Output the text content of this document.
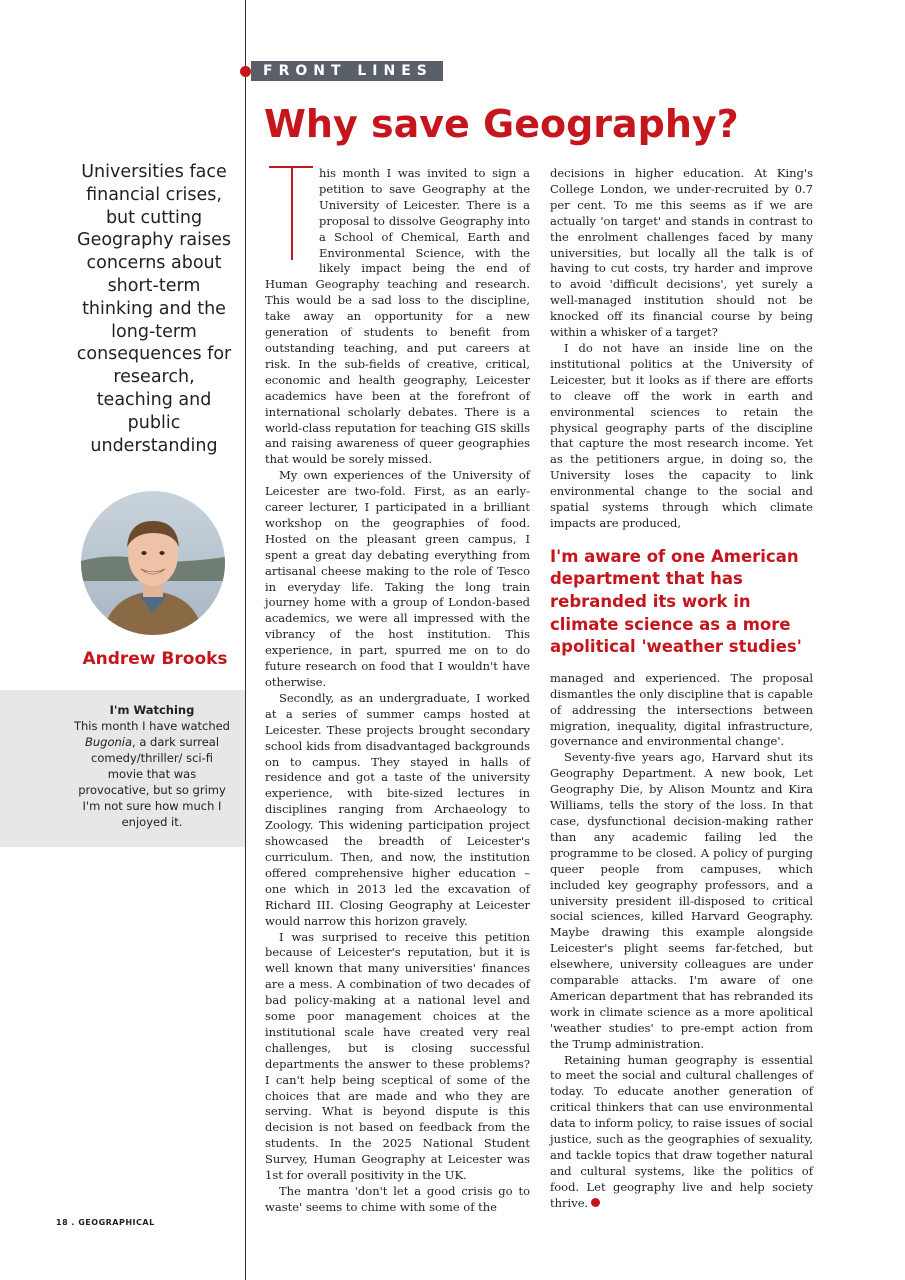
FRONT LINES
Why save Geography?
Universities face financial crises, but cutting Geography raises concerns about short-term thinking and the long-term consequences for research, teaching and public understanding
Andrew Brooks
I'm Watching
This month I have watched Bugonia, a dark surreal comedy/thriller/ sci-fi movie that was provocative, but so grimy I'm not sure how much I enjoyed it.

his month I was invited to sign a petition to save Geography at the University of Leicester. There is a proposal to dissolve Geography into a School of Chemical, Earth and Environmental Science, with the likely impact being the end of Human Geography teaching and research. This would be a sad loss to the discipline, take away an opportunity for a new generation of students to benefit from outstanding teaching, and put careers at risk. In the sub-fields of creative, critical, economic and health geography, Leicester academics have been at the forefront of international scholarly debates. There is a world-class reputation for teaching GIS skills and raising awareness of queer geographies that would be sorely missed.

My own experiences of the University of Leicester are two-fold. First, as an early-career lecturer, I participated in a brilliant workshop on the geographies of food. Hosted on the pleasant green campus, I spent a great day debating everything from artisanal cheese making to the role of Tesco in everyday life. Taking the long train journey home with a group of London-based academics, we were all impressed with the vibrancy of the host institution. This experience, in part, spurred me on to do future research on food that I wouldn't have otherwise.

Secondly, as an undergraduate, I worked at a series of summer camps hosted at Leicester. These projects brought secondary school kids from disadvantaged backgrounds on to campus. They stayed in halls of residence and got a taste of the university experience, with bite-sized lectures in disciplines ranging from Archaeology to Zoology. This widening participation project showcased the breadth of Leicester's curriculum. Then, and now, the institution offered comprehensive higher education – one which in 2013 led the excavation of Richard III. Closing Geography at Leicester would narrow this horizon gravely.

I was surprised to receive this petition because of Leicester's reputation, but it is well known that many universities' finances are a mess. A combination of two decades of bad policy-making at a national level and some poor management choices at the institutional scale have created very real challenges, but is closing successful departments the answer to these problems? I can't help being sceptical of some of the choices that are made and who they are serving. What is beyond dispute is this decision is not based on feedback from the students. In the 2025 National Student Survey, Human Geography at Leicester was 1st for overall positivity in the UK.

The mantra 'don't let a good crisis go to waste' seems to chime with some of the

decisions in higher education. At King's College London, we under-recruited by 0.7 per cent. To me this seems as if we are actually 'on target' and stands in contrast to the enrolment challenges faced by many universities, but locally all the talk is of having to cut costs, try harder and improve to avoid 'difficult decisions', yet surely a well-managed institution should not be knocked off its financial course by being within a whisker of a target?

I do not have an inside line on the institutional politics at the University of Leicester, but it looks as if there are efforts to cleave off the work in earth and environmental sciences to retain the physical geography parts of the discipline that capture the most research income. Yet as the petitioners argue, in doing so, the University loses the capacity to link environmental change to the social and spatial systems through which climate impacts are produced,

I'm aware of one American department that has rebranded its work in climate science as a more apolitical 'weather studies'

managed and experienced. The proposal dismantles the only discipline that is capable of addressing the intersections between migration, inequality, digital infrastructure, governance and environmental change'.

Seventy-five years ago, Harvard shut its Geography Department. A new book, Let Geography Die, by Alison Mountz and Kira Williams, tells the story of the loss. In that case, dysfunctional decision-making rather than any academic failing led the programme to be closed. A policy of purging queer people from campuses, which included key geography professors, and a university president ill-disposed to critical social sciences, killed Harvard Geography. Maybe drawing this example alongside Leicester's plight seems far-fetched, but elsewhere, university colleagues are under comparable attacks. I'm aware of one American department that has rebranded its work in climate science as a more apolitical 'weather studies' to pre-empt action from the Trump administration.

Retaining human geography is essential to meet the social and cultural challenges of today. To educate another generation of critical thinkers that can use environmental data to inform policy, to raise issues of social justice, such as the geographies of sexuality, and tackle topics that draw together natural and cultural systems, like the politics of food. Let geography live and help society thrive.

18 . GEOGRAPHICAL
